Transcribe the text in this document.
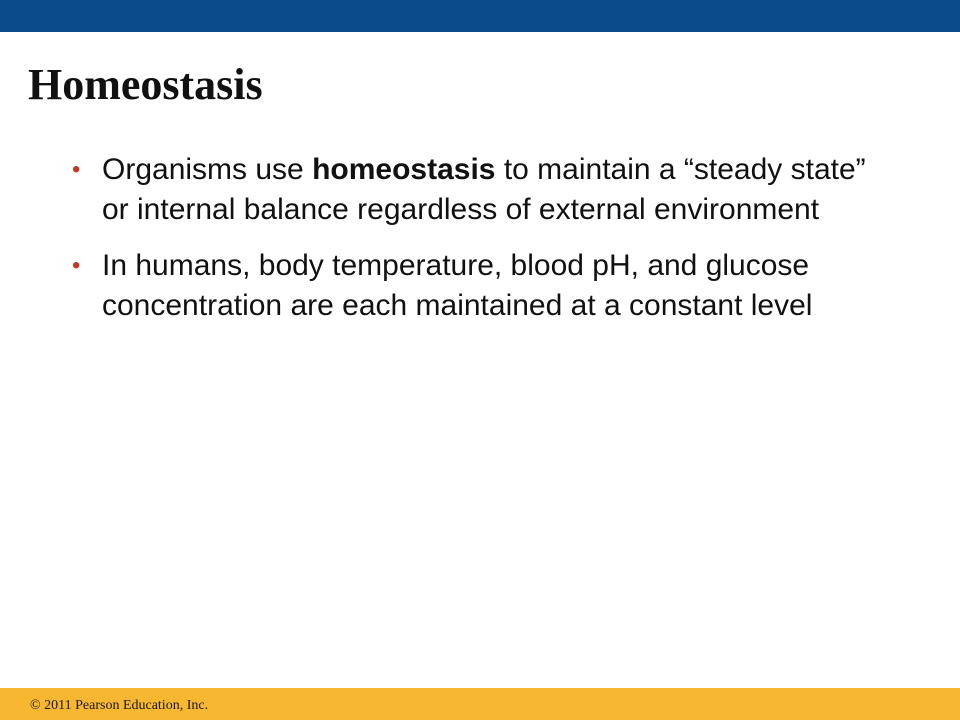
Homeostasis
• Organisms use homeostasis to maintain a “steady state” or internal balance regardless of external environment
• In humans, body temperature, blood pH, and glucose concentration are each maintained at a constant level
© 2011 Pearson Education, Inc.
